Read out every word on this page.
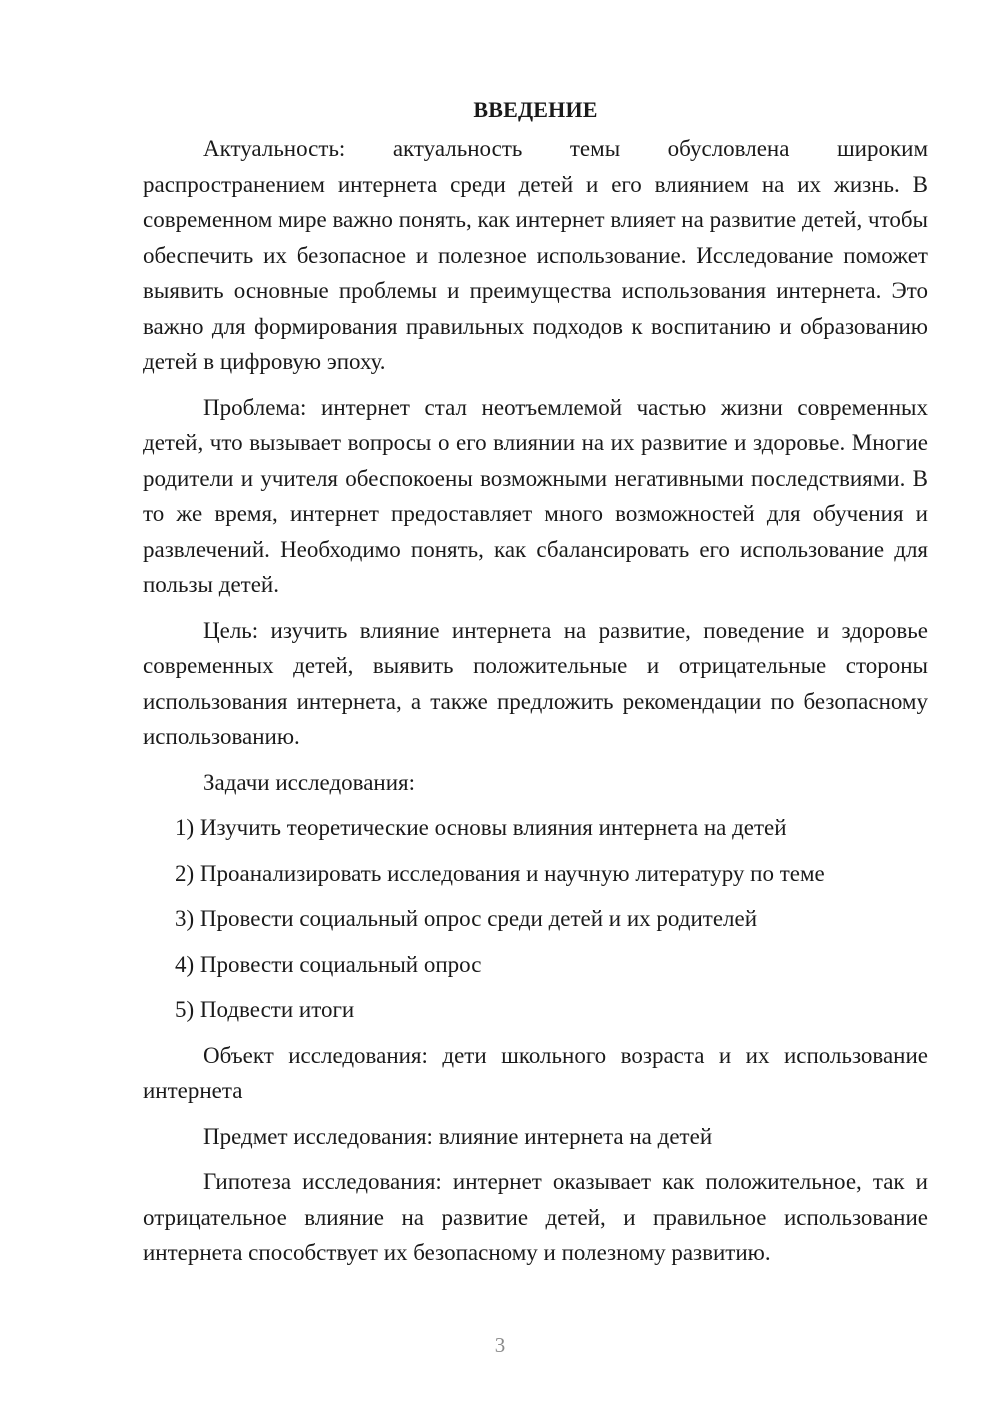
ВВЕДЕНИЕ

Актуальность: актуальность темы обусловлена широким распространением интернета среди детей и его влиянием на их жизнь. В современном мире важно понять, как интернет влияет на развитие детей, чтобы обеспечить их безопасное и полезное использование. Исследование поможет выявить основные проблемы и преимущества использования интернета. Это важно для формирования правильных подходов к воспитанию и образованию детей в цифровую эпоху.

Проблема: интернет стал неотъемлемой частью жизни современных детей, что вызывает вопросы о его влиянии на их развитие и здоровье. Многие родители и учителя обеспокоены возможными негативными последствиями. В то же время, интернет предоставляет много возможностей для обучения и развлечений. Необходимо понять, как сбалансировать его использование для пользы детей.

Цель: изучить влияние интернета на развитие, поведение и здоровье современных детей, выявить положительные и отрицательные стороны использования интернета, а также предложить рекомендации по безопасному использованию.

Задачи исследования:

1) Изучить теоретические основы влияния интернета на детей
2) Проанализировать исследования и научную литературу по теме
3) Провести социальный опрос среди детей и их родителей
4) Провести социальный опрос
5) Подвести итоги

Объект исследования: дети школьного возраста и их использование интернета

Предмет исследования: влияние интернета на детей

Гипотеза исследования: интернет оказывает как положительное, так и отрицательное влияние на развитие детей, и правильное использование интернета способствует их безопасному и полезному развитию.

3
